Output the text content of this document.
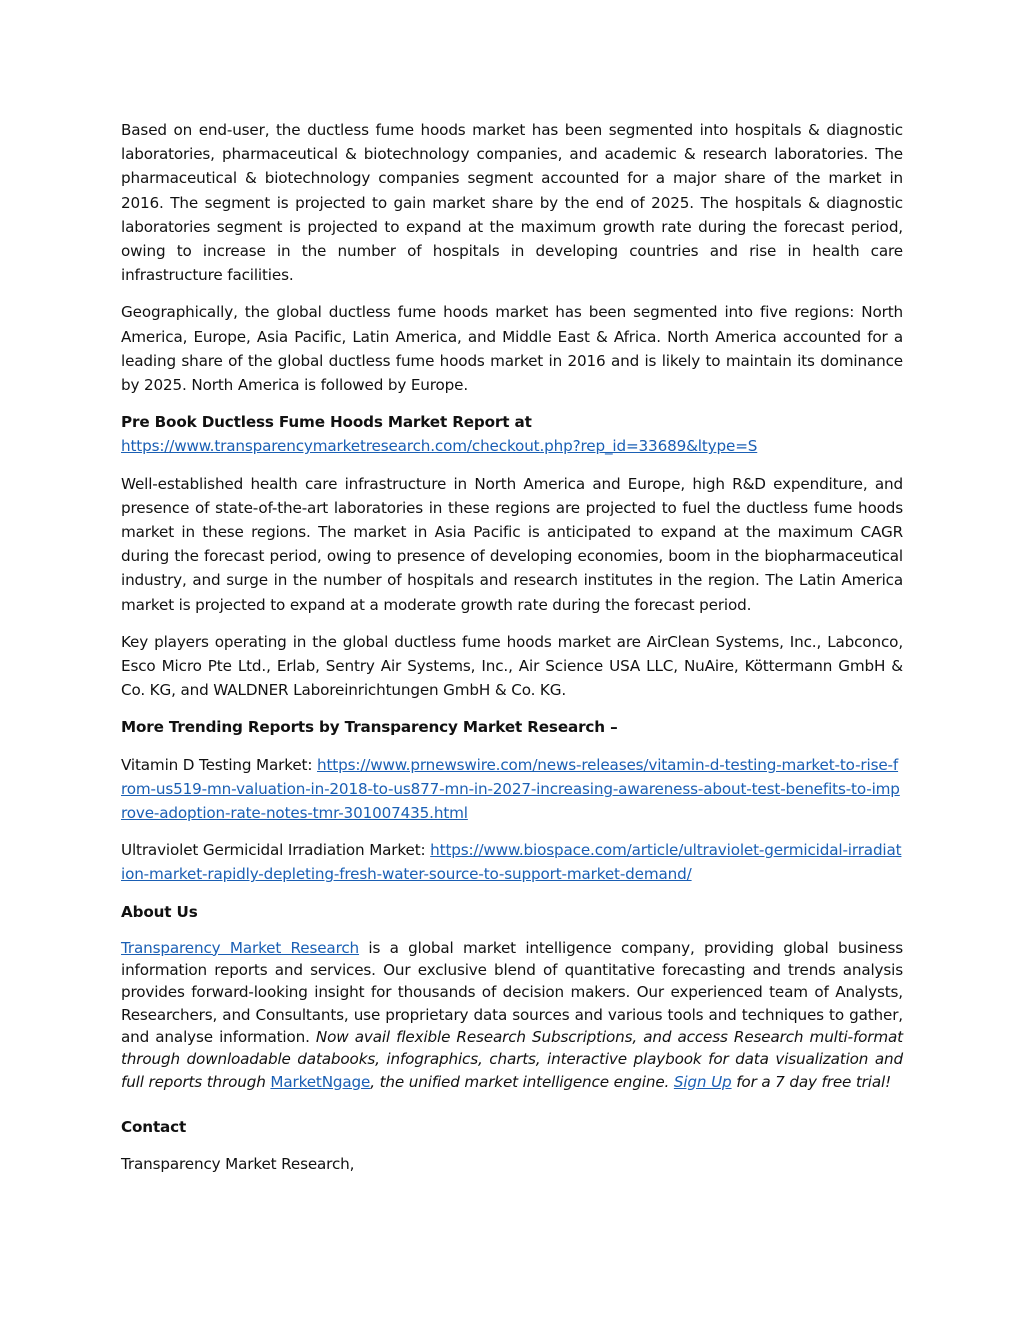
Based on end-user, the ductless fume hoods market has been segmented into hospitals & diagnostic laboratories, pharmaceutical & biotechnology companies, and academic & research laboratories. The pharmaceutical & biotechnology companies segment accounted for a major share of the market in 2016. The segment is projected to gain market share by the end of 2025. The hospitals & diagnostic laboratories segment is projected to expand at the maximum growth rate during the forecast period, owing to increase in the number of hospitals in developing countries and rise in health care infrastructure facilities.

Geographically, the global ductless fume hoods market has been segmented into five regions: North America, Europe, Asia Pacific, Latin America, and Middle East & Africa. North America accounted for a leading share of the global ductless fume hoods market in 2016 and is likely to maintain its dominance by 2025. North America is followed by Europe.

Pre Book Ductless Fume Hoods Market Report at

https://www.transparencymarketresearch.com/checkout.php?rep_id=33689&ltype=S

Well-established health care infrastructure in North America and Europe, high R&D expenditure, and presence of state-of-the-art laboratories in these regions are projected to fuel the ductless fume hoods market in these regions. The market in Asia Pacific is anticipated to expand at the maximum CAGR during the forecast period, owing to presence of developing economies, boom in the biopharmaceutical industry, and surge in the number of hospitals and research institutes in the region. The Latin America market is projected to expand at a moderate growth rate during the forecast period.

Key players operating in the global ductless fume hoods market are AirClean Systems, Inc., Labconco, Esco Micro Pte Ltd., Erlab, Sentry Air Systems, Inc., Air Science USA LLC, NuAire, Köttermann GmbH & Co. KG, and WALDNER Laboreinrichtungen GmbH & Co. KG.

More Trending Reports by Transparency Market Research –

Vitamin D Testing Market: https://www.prnewswire.com/news-releases/vitamin-d-testing-market-to-rise-from-us519-mn-valuation-in-2018-to-us877-mn-in-2027-increasing-awareness-about-test-benefits-to-improve-adoption-rate-notes-tmr-301007435.html

Ultraviolet Germicidal Irradiation Market: https://www.biospace.com/article/ultraviolet-germicidal-irradiation-market-rapidly-depleting-fresh-water-source-to-support-market-demand/

About Us

Transparency Market Research is a global market intelligence company, providing global business information reports and services. Our exclusive blend of quantitative forecasting and trends analysis provides forward-looking insight for thousands of decision makers. Our experienced team of Analysts, Researchers, and Consultants, use proprietary data sources and various tools and techniques to gather, and analyse information. Now avail flexible Research Subscriptions, and access Research multi-format through downloadable databooks, infographics, charts, interactive playbook for data visualization and full reports through MarketNgage, the unified market intelligence engine. Sign Up for a 7 day free trial!

Contact

Transparency Market Research,
